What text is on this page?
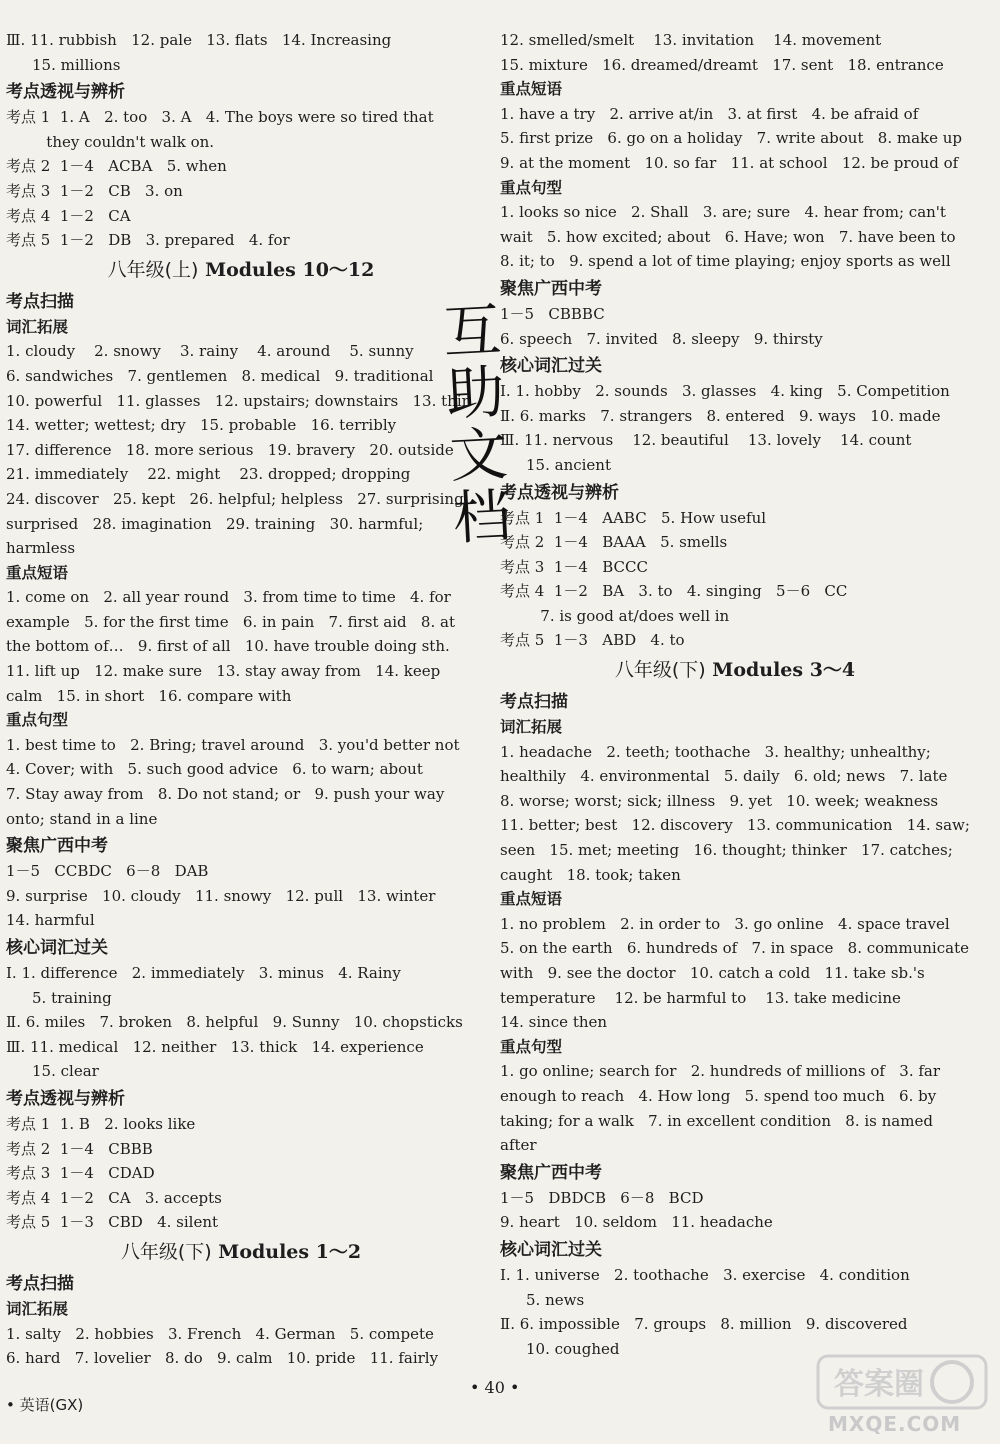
Ⅲ. 11. rubbish   12. pale   13. flats   14. Increasing
15. millions
考点透视与辨析
考点 1  1. A   2. too   3. A   4. The boys were so tired that
they couldn't walk on.
考点 2  1－4   ACBA   5. when
考点 3  1－2   CB   3. on
考点 4  1－2   CA
考点 5  1－2   DB   3. prepared   4. for
八年级(上) Modules 10～12
考点扫描
词汇拓展
1. cloudy    2. snowy    3. rainy    4. around    5. sunny
6. sandwiches   7. gentlemen   8. medical   9. traditional
10. powerful   11. glasses   12. upstairs; downstairs   13. thin
14. wetter; wettest; dry   15. probable   16. terribly
17. difference   18. more serious   19. bravery   20. outside
21. immediately    22. might    23. dropped; dropping
24. discover   25. kept   26. helpful; helpless   27. surprising;
surprised   28. imagination   29. training   30. harmful;
harmless
重点短语
1. come on   2. all year round   3. from time to time   4. for
example   5. for the first time   6. in pain   7. first aid   8. at
the bottom of…   9. first of all   10. have trouble doing sth.
11. lift up   12. make sure   13. stay away from   14. keep
calm   15. in short   16. compare with
重点句型
1. best time to   2. Bring; travel around   3. you'd better not
4. Cover; with   5. such good advice   6. to warn; about
7. Stay away from   8. Do not stand; or   9. push your way
onto; stand in a line
聚焦广西中考
1－5   CCBDC   6－8   DAB
9. surprise   10. cloudy   11. snowy   12. pull   13. winter
14. harmful
核心词汇过关
Ⅰ. 1. difference   2. immediately   3. minus   4. Rainy
5. training
Ⅱ. 6. miles   7. broken   8. helpful   9. Sunny   10. chopsticks
Ⅲ. 11. medical   12. neither   13. thick   14. experience
15. clear
考点透视与辨析
考点 1  1. B   2. looks like
考点 2  1－4   CBBB
考点 3  1－4   CDAD
考点 4  1－2   CA   3. accepts
考点 5  1－3   CBD   4. silent
八年级(下) Modules 1～2
考点扫描
词汇拓展
1. salty   2. hobbies   3. French   4. German   5. compete
6. hard   7. lovelier   8. do   9. calm   10. pride   11. fairly
12. smelled/smelt    13. invitation    14. movement
15. mixture   16. dreamed/dreamt   17. sent   18. entrance
重点短语
1. have a try   2. arrive at/in   3. at first   4. be afraid of
5. first prize   6. go on a holiday   7. write about   8. make up
9. at the moment   10. so far   11. at school   12. be proud of
重点句型
1. looks so nice   2. Shall   3. are; sure   4. hear from; can't
wait   5. how excited; about   6. Have; won   7. have been to
8. it; to   9. spend a lot of time playing; enjoy sports as well
聚焦广西中考
1－5   CBBBC
6. speech   7. invited   8. sleepy   9. thirsty
核心词汇过关
Ⅰ. 1. hobby   2. sounds   3. glasses   4. king   5. Competition
Ⅱ. 6. marks   7. strangers   8. entered   9. ways   10. made
Ⅲ. 11. nervous    12. beautiful    13. lovely    14. count
15. ancient
考点透视与辨析
考点 1  1－4   AABC   5. How useful
考点 2  1－4   BAAA   5. smells
考点 3  1－4   BCCC
考点 4  1－2   BA   3. to   4. singing   5－6   CC
7. is good at/does well in
考点 5  1－3   ABD   4. to
八年级(下) Modules 3～4
考点扫描
词汇拓展
1. headache   2. teeth; toothache   3. healthy; unhealthy;
healthily   4. environmental   5. daily   6. old; news   7. late
8. worse; worst; sick; illness   9. yet   10. week; weakness
11. better; best   12. discovery   13. communication   14. saw;
seen   15. met; meeting   16. thought; thinker   17. catches;
caught   18. took; taken
重点短语
1. no problem   2. in order to   3. go online   4. space travel
5. on the earth   6. hundreds of   7. in space   8. communicate
with   9. see the doctor   10. catch a cold   11. take sb.'s
temperature    12. be harmful to    13. take medicine
14. since then
重点句型
1. go online; search for   2. hundreds of millions of   3. far
enough to reach   4. How long   5. spend too much   6. by
taking; for a walk   7. in excellent condition   8. is named
after
聚焦广西中考
1－5   DBDCB   6－8   BCD
9. heart   10. seldom   11. headache
核心词汇过关
Ⅰ. 1. universe   2. toothache   3. exercise   4. condition
5. news
Ⅱ. 6. impossible   7. groups   8. million   9. discovered
10. coughed
互
助
文
档
• 英语(GX)
• 40 •	答案圈
MXQE.COM
